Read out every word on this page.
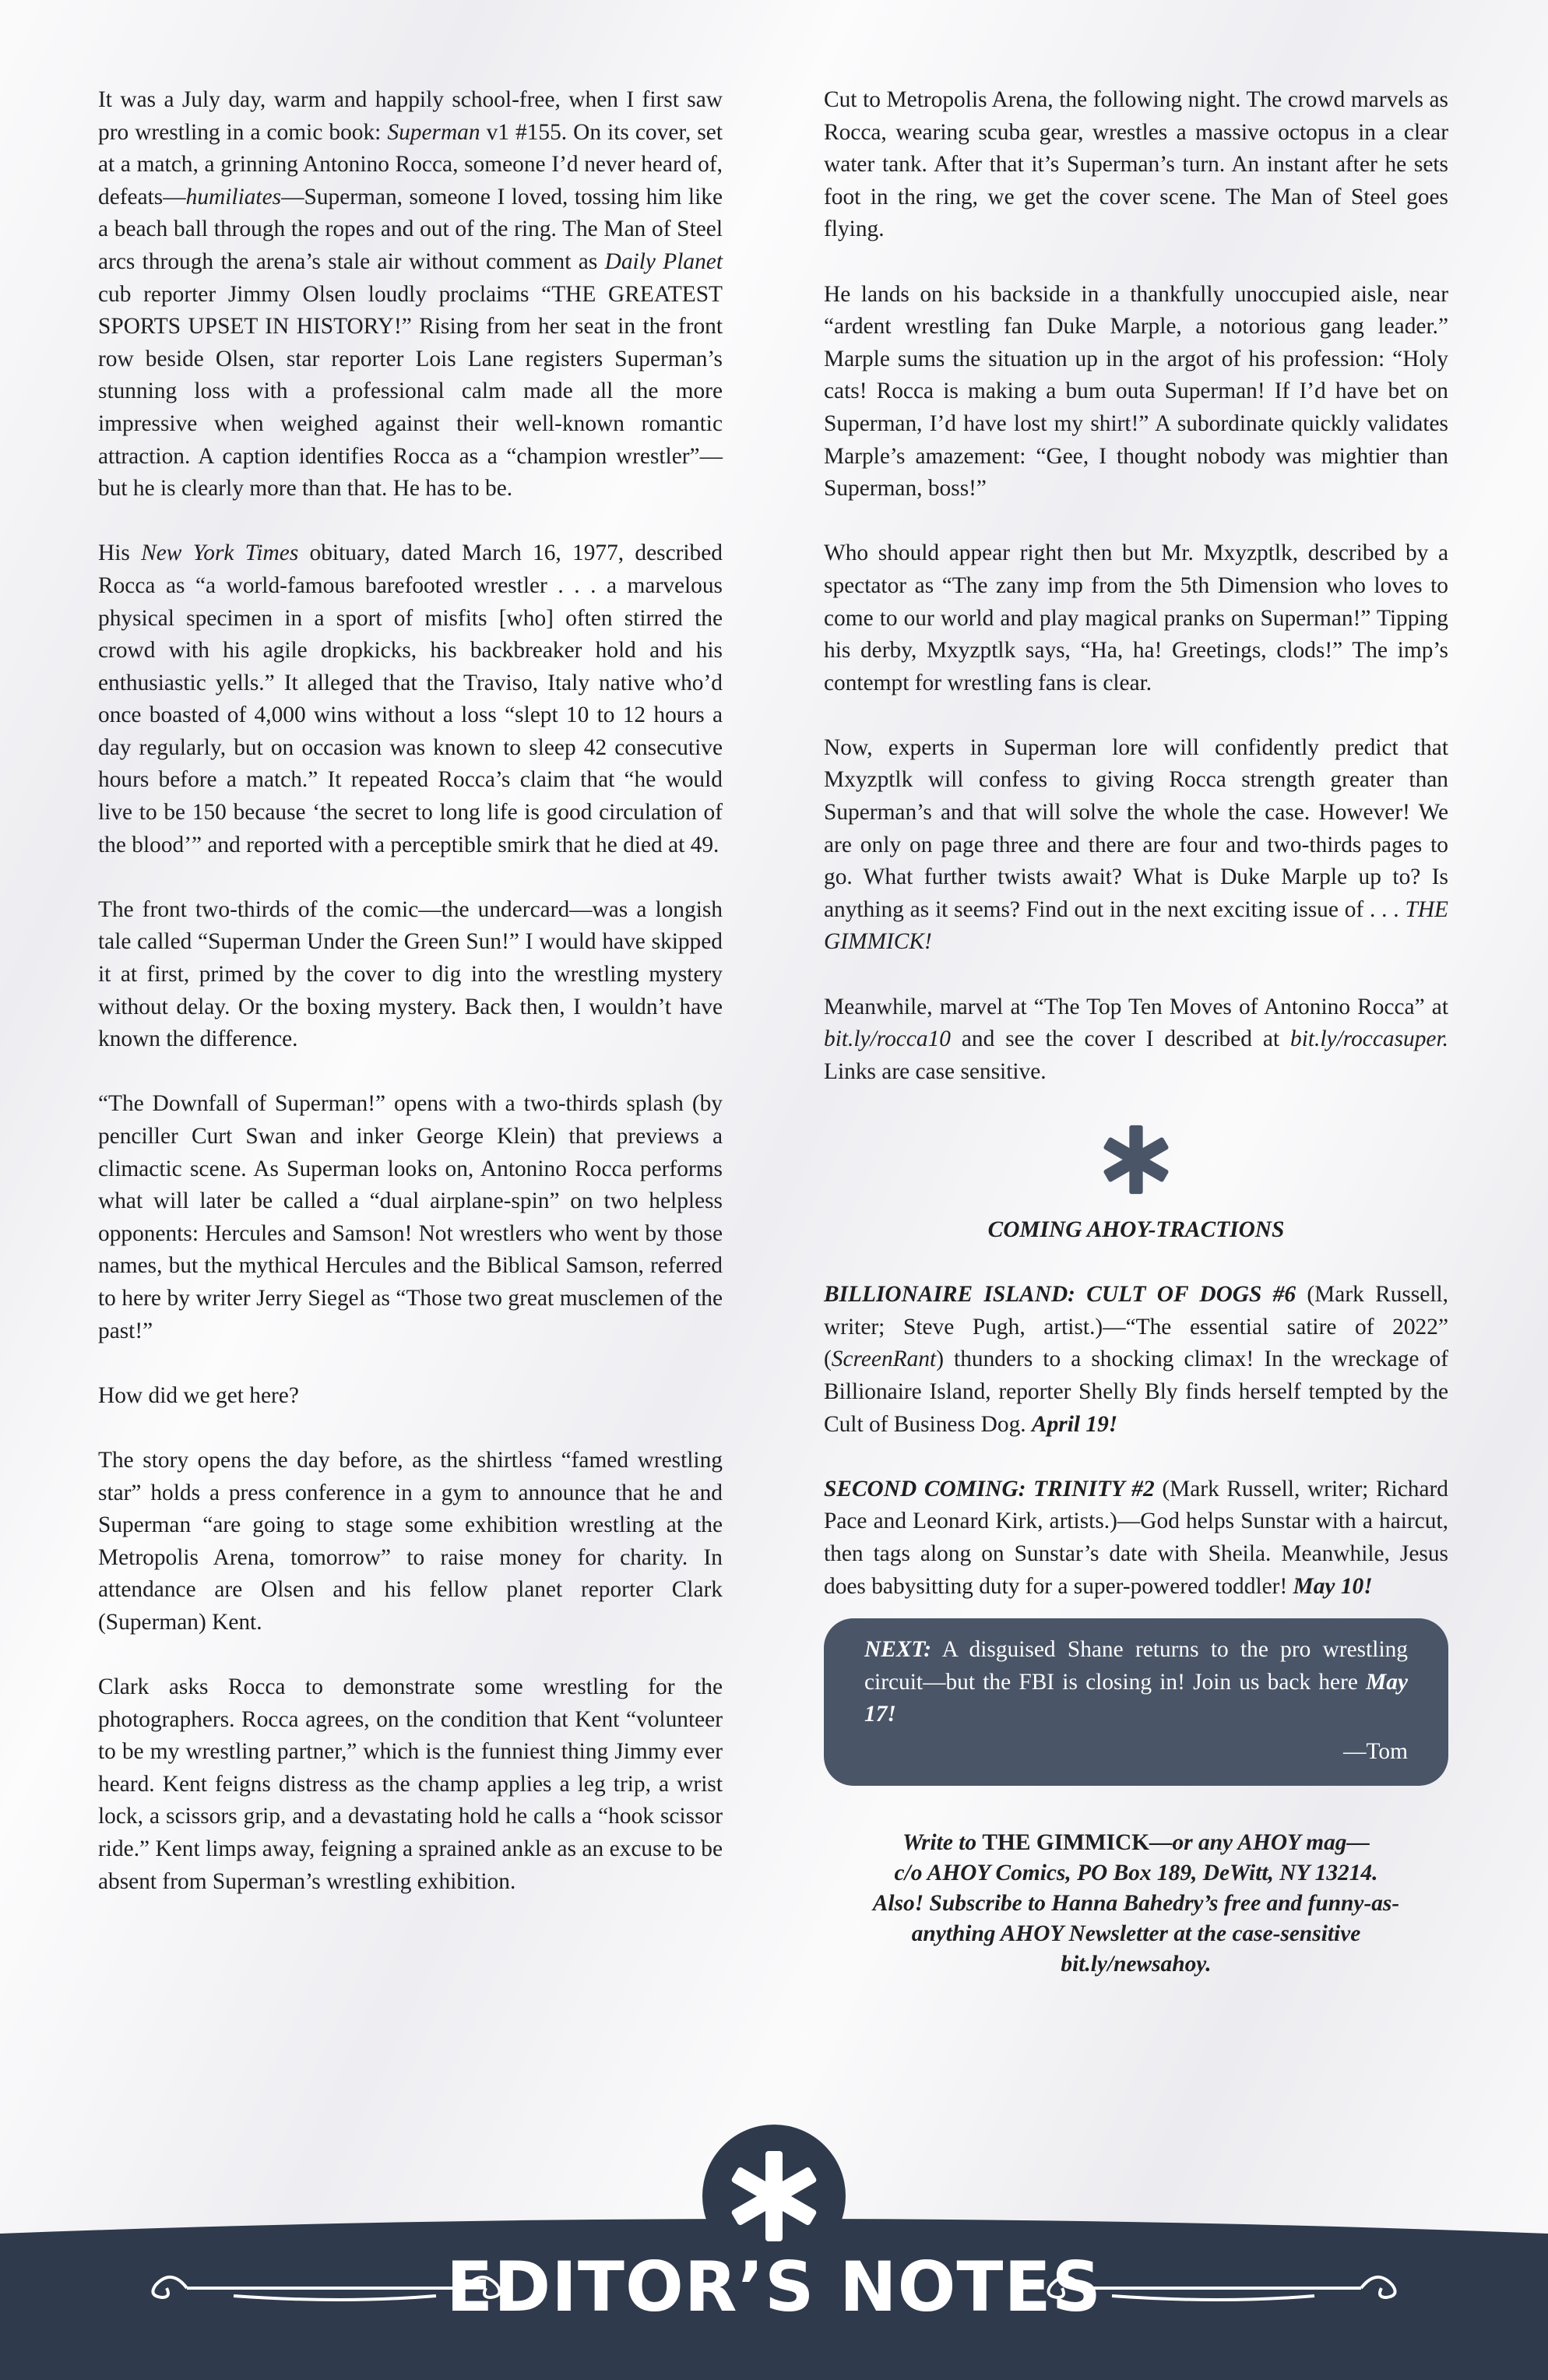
It was a July day, warm and happily school-free, when I first saw pro wrestling in a comic book: Superman v1 #155. On its cover, set at a match, a grinning Antonino Rocca, someone I’d never heard of, defeats—humiliates—Superman, someone I loved, tossing him like a beach ball through the ropes and out of the ring. The Man of Steel arcs through the arena’s stale air without comment as Daily Planet cub reporter Jimmy Olsen loudly proclaims “THE GREATEST SPORTS UPSET IN HISTORY!” Rising from her seat in the front row beside Olsen, star reporter Lois Lane registers Superman’s stunning loss with a professional calm made all the more impressive when weighed against their well-known romantic attraction. A caption identifies Rocca as a “champion wrestler”—but he is clearly more than that. He has to be.

His New York Times obituary, dated March 16, 1977, described Rocca as “a world-famous barefooted wrestler . . . a marvelous physical specimen in a sport of misfits [who] often stirred the crowd with his agile dropkicks, his backbreaker hold and his enthusiastic yells.” It alleged that the Traviso, Italy native who’d once boasted of 4,000 wins without a loss “slept 10 to 12 hours a day regularly, but on occasion was known to sleep 42 consecutive hours before a match.” It repeated Rocca’s claim that “he would live to be 150 because ‘the secret to long life is good circulation of the blood’” and reported with a perceptible smirk that he died at 49.

The front two-thirds of the comic—the undercard—was a longish tale called “Superman Under the Green Sun!” I would have skipped it at first, primed by the cover to dig into the wrestling mystery without delay. Or the boxing mystery. Back then, I wouldn’t have known the difference.

“The Downfall of Superman!” opens with a two-thirds splash (by penciller Curt Swan and inker George Klein) that previews a climactic scene. As Superman looks on, Antonino Rocca performs what will later be called a “dual airplane-spin” on two helpless opponents: Hercules and Samson! Not wrestlers who went by those names, but the mythical Hercules and the Biblical Samson, referred to here by writer Jerry Siegel as “Those two great musclemen of the past!”

How did we get here?

The story opens the day before, as the shirtless “famed wrestling star” holds a press conference in a gym to announce that he and Superman “are going to stage some exhibition wrestling at the Metropolis Arena, tomorrow” to raise money for charity. In attendance are Olsen and his fellow planet reporter Clark (Superman) Kent.

Clark asks Rocca to demonstrate some wrestling for the photographers. Rocca agrees, on the condition that Kent “volunteer to be my wrestling partner,” which is the funniest thing Jimmy ever heard. Kent feigns distress as the champ applies a leg trip, a wrist lock, a scissors grip, and a devastating hold he calls a “hook scissor ride.” Kent limps away, feigning a sprained ankle as an excuse to be absent from Superman’s wrestling exhibition.

Cut to Metropolis Arena, the following night. The crowd marvels as Rocca, wearing scuba gear, wrestles a massive octopus in a clear water tank. After that it’s Superman’s turn. An instant after he sets foot in the ring, we get the cover scene. The Man of Steel goes flying.

He lands on his backside in a thankfully unoccupied aisle, near “ardent wrestling fan Duke Marple, a notorious gang leader.” Marple sums the situation up in the argot of his profession: “Holy cats! Rocca is making a bum outa Superman! If I’d have bet on Superman, I’d have lost my shirt!” A subordinate quickly validates Marple’s amazement: “Gee, I thought nobody was mightier than Superman, boss!”

Who should appear right then but Mr. Mxyzptlk, described by a spectator as “The zany imp from the 5th Dimension who loves to come to our world and play magical pranks on Superman!” Tipping his derby, Mxyzptlk says, “Ha, ha! Greetings, clods!” The imp’s contempt for wrestling fans is clear.

Now, experts in Superman lore will confidently predict that Mxyzptlk will confess to giving Rocca strength greater than Superman’s and that will solve the whole the case. However! We are only on page three and there are four and two-thirds pages to go. What further twists await? What is Duke Marple up to? Is anything as it seems? Find out in the next exciting issue of . . . THE GIMMICK!

Meanwhile, marvel at “The Top Ten Moves of Antonino Rocca” at bit.ly/rocca10 and see the cover I described at bit.ly/roccasuper. Links are case sensitive.

COMING AHOY-TRACTIONS

BILLIONAIRE ISLAND: CULT OF DOGS #6 (Mark Russell, writer; Steve Pugh, artist.)—“The essential satire of 2022” (ScreenRant) thunders to a shocking climax! In the wreckage of Billionaire Island, reporter Shelly Bly finds herself tempted by the Cult of Business Dog. April 19!

SECOND COMING: TRINITY #2 (Mark Russell, writer; Richard Pace and Leonard Kirk, artists.)—God helps Sunstar with a haircut, then tags along on Sunstar’s date with Sheila. Meanwhile, Jesus does babysitting duty for a super-powered toddler! May 10!

NEXT: A disguised Shane returns to the pro wrestling circuit—but the FBI is closing in! Join us back here May 17!
—Tom
Write to THE GIMMICK—or any AHOY mag—
c/o AHOY Comics, PO Box 189, DeWitt, NY 13214.
Also! Subscribe to Hanna Bahedry’s free and funny-as-anything AHOY Newsletter at the case-sensitive
bit.ly/newsahoy.
EDITOR’S NOTES
